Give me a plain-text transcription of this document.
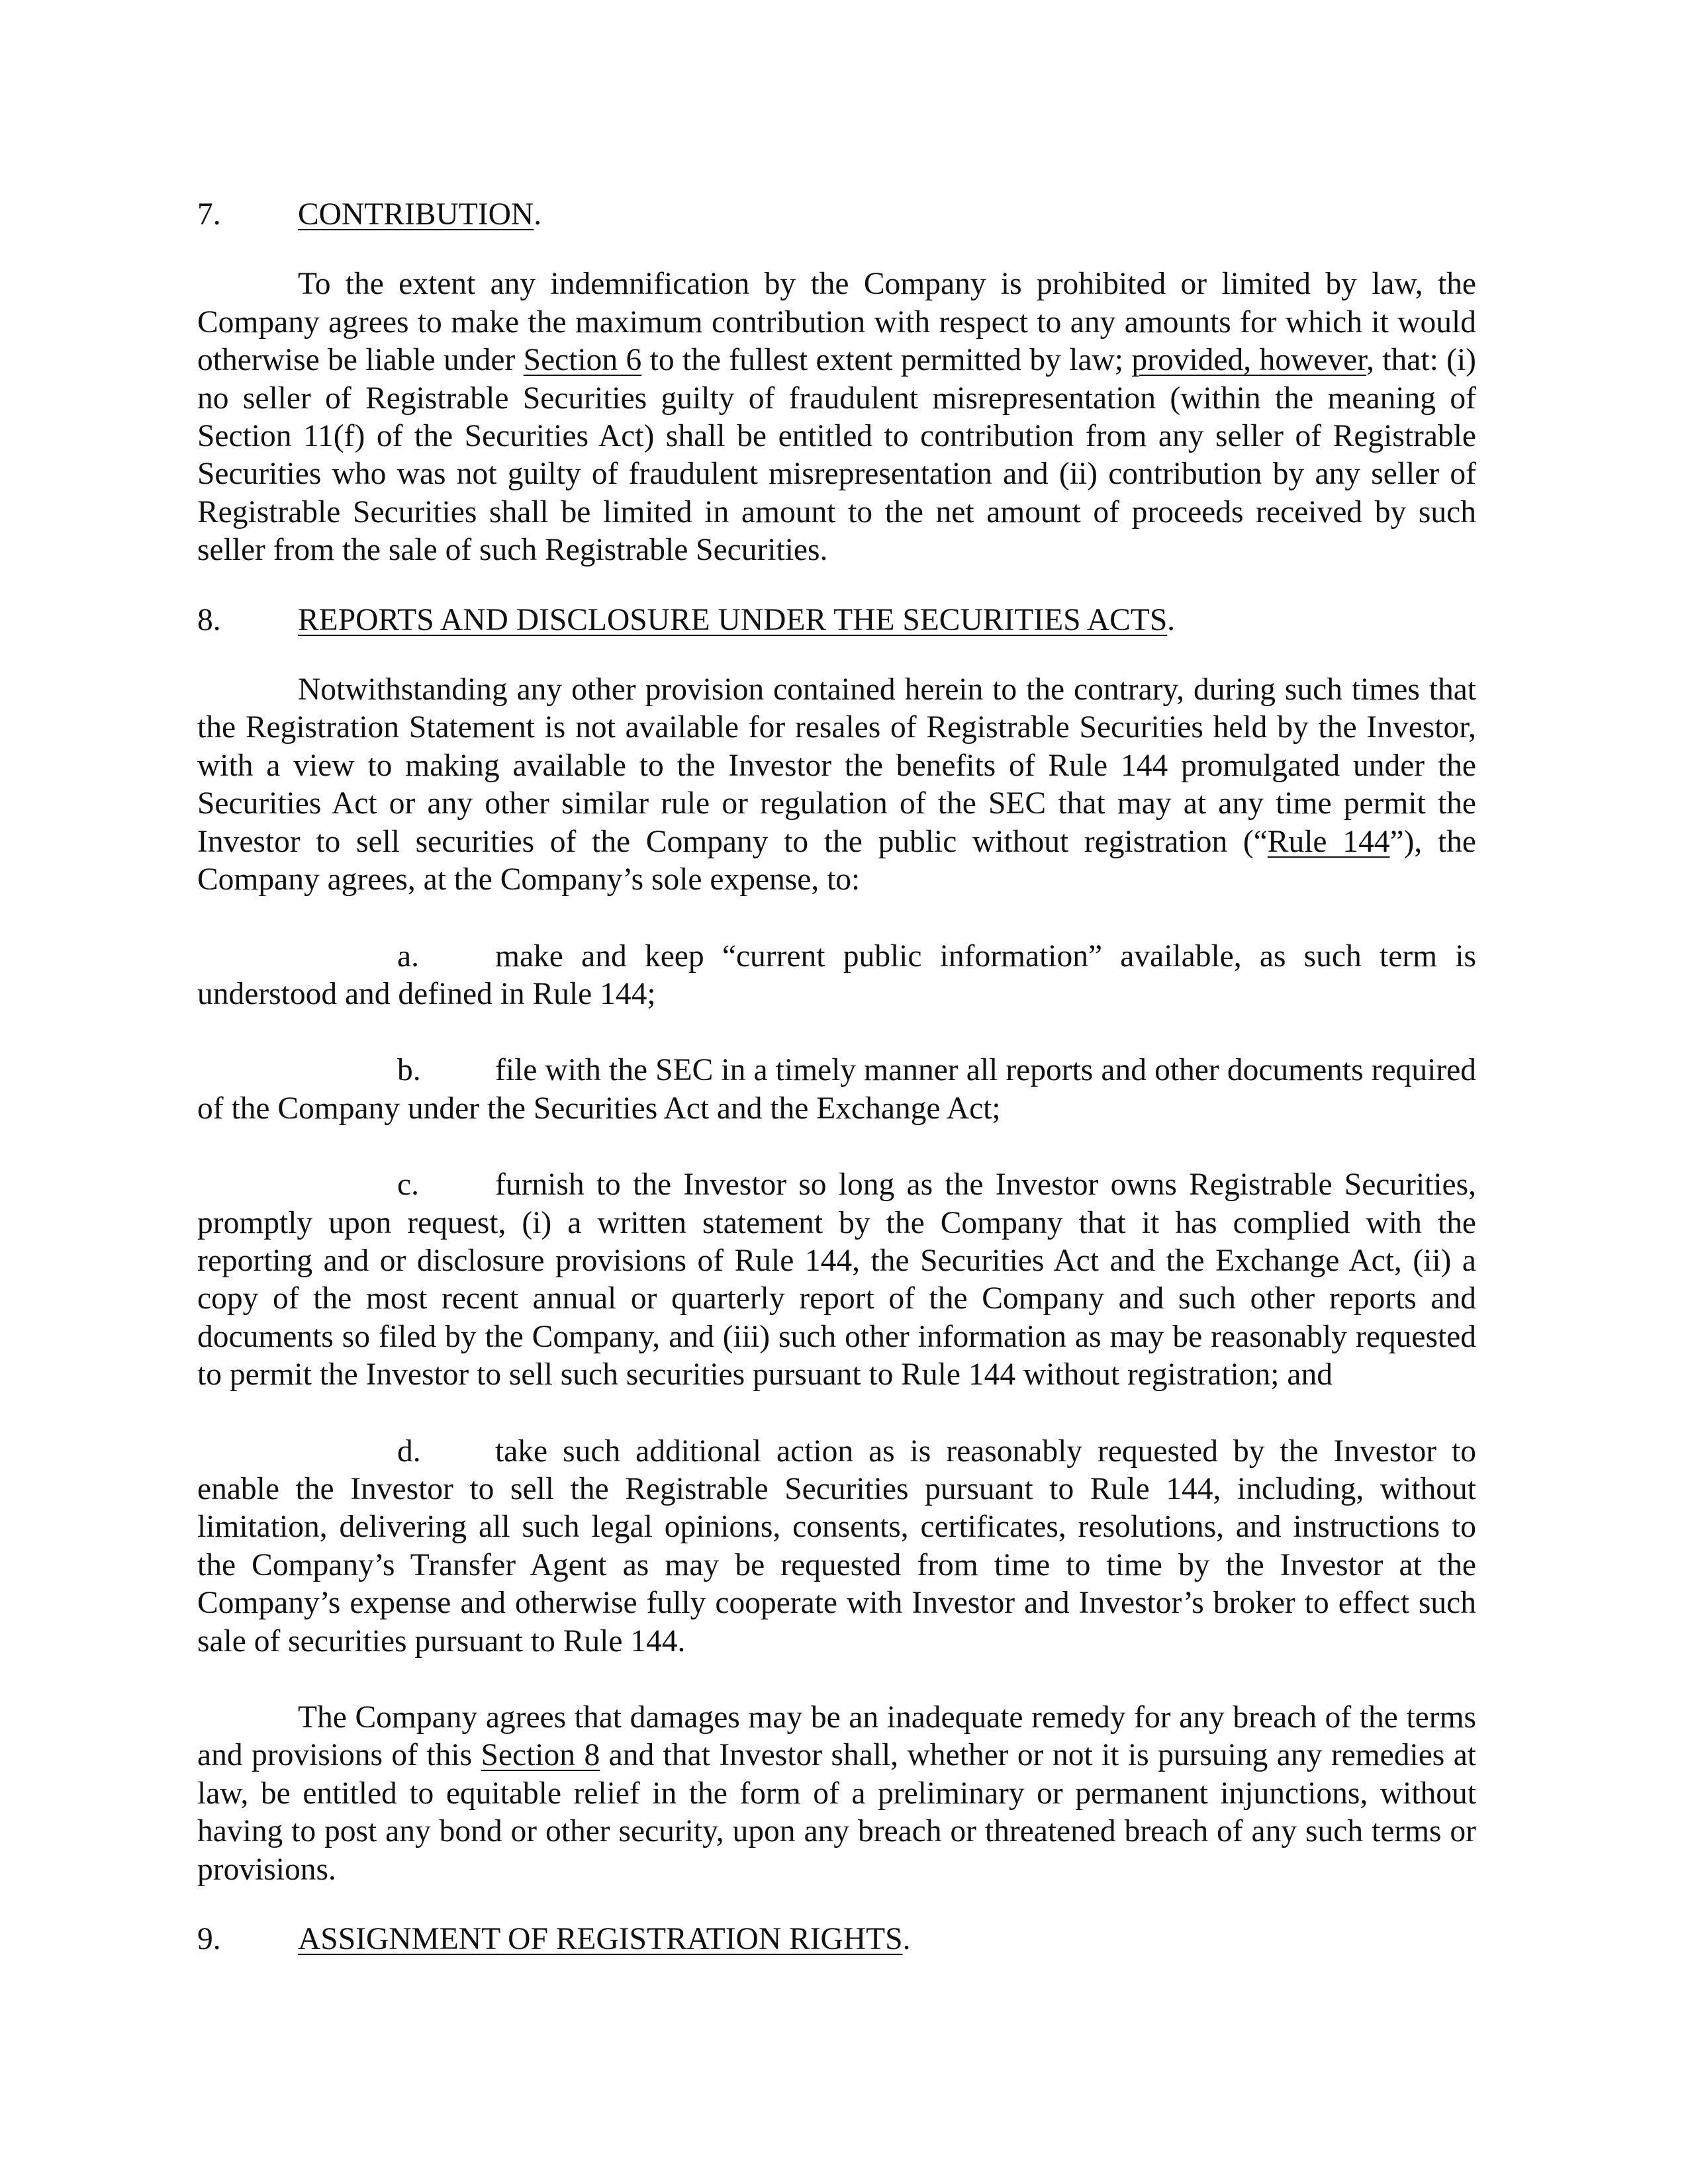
7. CONTRIBUTION.

To the extent any indemnification by the Company is prohibited or limited by law, the Company agrees to make the maximum contribution with respect to any amounts for which it would otherwise be liable under Section 6 to the fullest extent permitted by law; provided, however, that: (i) no seller of Registrable Securities guilty of fraudulent misrepresentation (within the meaning of Section 11(f) of the Securities Act) shall be entitled to contribution from any seller of Registrable Securities who was not guilty of fraudulent misrepresentation and (ii) contribution by any seller of Registrable Securities shall be limited in amount to the net amount of proceeds received by such seller from the sale of such Registrable Securities.

8. REPORTS AND DISCLOSURE UNDER THE SECURITIES ACTS.

Notwithstanding any other provision contained herein to the contrary, during such times that the Registration Statement is not available for resales of Registrable Securities held by the Investor, with a view to making available to the Investor the benefits of Rule 144 promulgated under the Securities Act or any other similar rule or regulation of the SEC that may at any time permit the Investor to sell securities of the Company to the public without registration (“Rule 144”), the Company agrees, at the Company’s sole expense, to:

a. make and keep “current public information” available, as such term is understood and defined in Rule 144;

b. file with the SEC in a timely manner all reports and other documents required of the Company under the Securities Act and the Exchange Act;

c. furnish to the Investor so long as the Investor owns Registrable Securities, promptly upon request, (i) a written statement by the Company that it has complied with the reporting and or disclosure provisions of Rule 144, the Securities Act and the Exchange Act, (ii) a copy of the most recent annual or quarterly report of the Company and such other reports and documents so filed by the Company, and (iii) such other information as may be reasonably requested to permit the Investor to sell such securities pursuant to Rule 144 without registration; and

d. take such additional action as is reasonably requested by the Investor to enable the Investor to sell the Registrable Securities pursuant to Rule 144, including, without limitation, delivering all such legal opinions, consents, certificates, resolutions, and instructions to the Company’s Transfer Agent as may be requested from time to time by the Investor at the Company’s expense and otherwise fully cooperate with Investor and Investor’s broker to effect such sale of securities pursuant to Rule 144.

The Company agrees that damages may be an inadequate remedy for any breach of the terms and provisions of this Section 8 and that Investor shall, whether or not it is pursuing any remedies at law, be entitled to equitable relief in the form of a preliminary or permanent injunctions, without having to post any bond or other security, upon any breach or threatened breach of any such terms or provisions.

9. ASSIGNMENT OF REGISTRATION RIGHTS.
